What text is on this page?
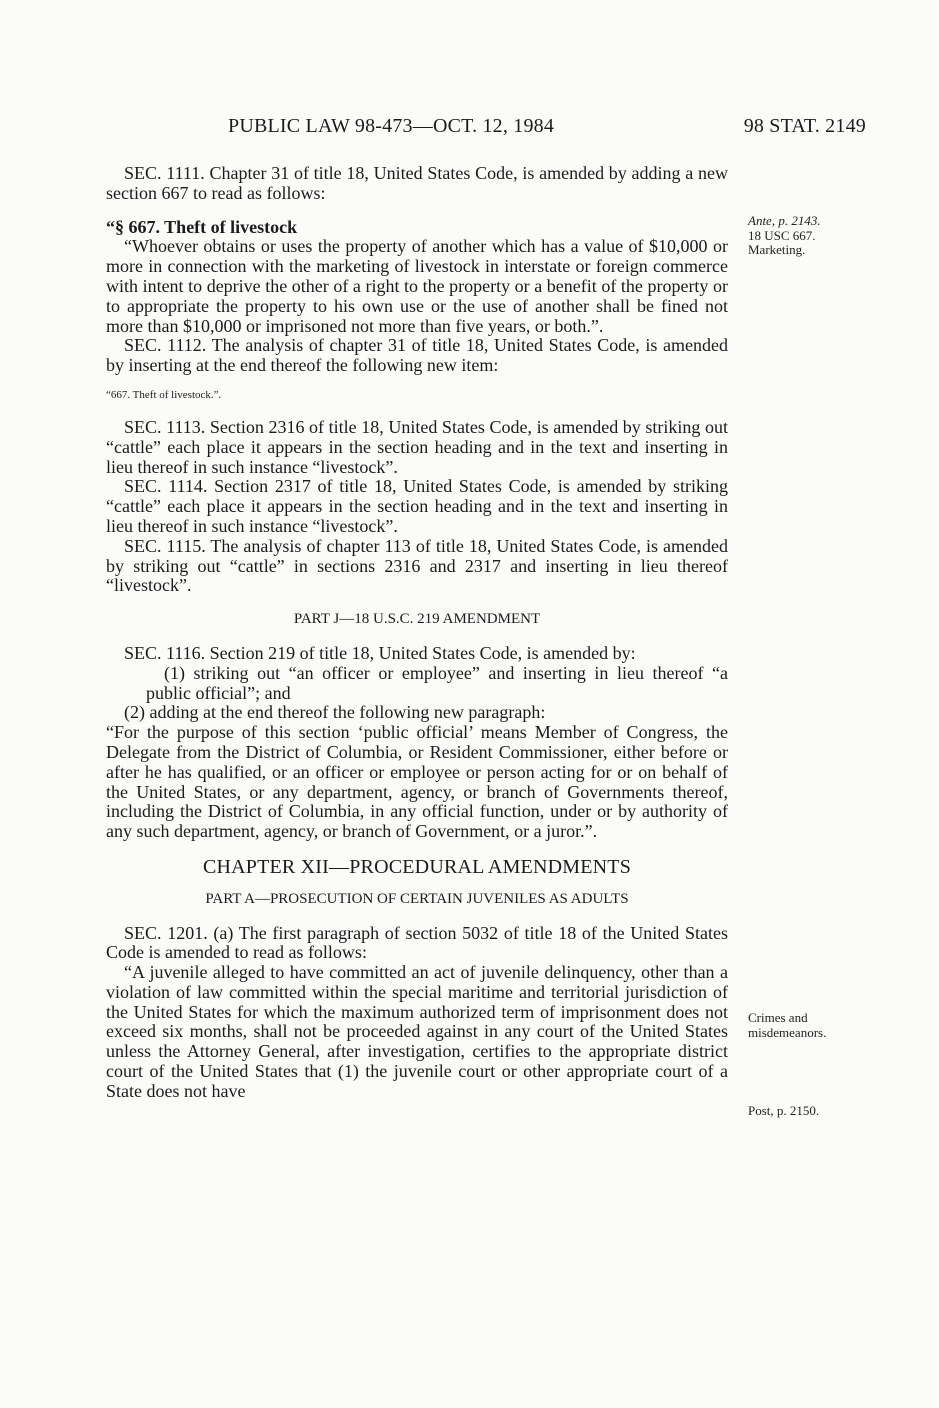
PUBLIC LAW 98-473—OCT. 12, 1984	98 STAT. 2149

SEC. 1111. Chapter 31 of title 18, United States Code, is amended by adding a new section 667 to read as follows:

“§ 667. Theft of livestock

“Whoever obtains or uses the property of another which has a value of $10,000 or more in connection with the marketing of livestock in interstate or foreign commerce with intent to deprive the other of a right to the property or a benefit of the property or to appropriate the property to his own use or the use of another shall be fined not more than $10,000 or imprisoned not more than five years, or both.”.

SEC. 1112. The analysis of chapter 31 of title 18, United States Code, is amended by inserting at the end thereof the following new item:

“667. Theft of livestock.”.

SEC. 1113. Section 2316 of title 18, United States Code, is amended by striking out “cattle” each place it appears in the section heading and in the text and inserting in lieu thereof in such instance “livestock”.

SEC. 1114. Section 2317 of title 18, United States Code, is amended by striking “cattle” each place it appears in the section heading and in the text and inserting in lieu thereof in such instance “livestock”.

SEC. 1115. The analysis of chapter 113 of title 18, United States Code, is amended by striking out “cattle” in sections 2316 and 2317 and inserting in lieu thereof “livestock”.

PART J—18 U.S.C. 219 AMENDMENT

SEC. 1116. Section 219 of title 18, United States Code, is amended by:

(1) striking out “an officer or employee” and inserting in lieu thereof “a public official”; and

(2) adding at the end thereof the following new paragraph:

“For the purpose of this section ‘public official’ means Member of Congress, the Delegate from the District of Columbia, or Resident Commissioner, either before or after he has qualified, or an officer or employee or person acting for or on behalf of the United States, or any department, agency, or branch of Governments thereof, including the District of Columbia, in any official function, under or by authority of any such department, agency, or branch of Government, or a juror.”.

CHAPTER XII—PROCEDURAL AMENDMENTS

PART A—PROSECUTION OF CERTAIN JUVENILES AS ADULTS

SEC. 1201. (a) The first paragraph of section 5032 of title 18 of the United States Code is amended to read as follows:

“A juvenile alleged to have committed an act of juvenile delinquency, other than a violation of law committed within the special maritime and territorial jurisdiction of the United States for which the maximum authorized term of imprisonment does not exceed six months, shall not be proceeded against in any court of the United States unless the Attorney General, after investigation, certifies to the appropriate district court of the United States that (1) the juvenile court or other appropriate court of a State does not have

Ante, p. 2143.
18 USC 667.
Marketing.
Crimes and
misdemeanors.
Post, p. 2150.
